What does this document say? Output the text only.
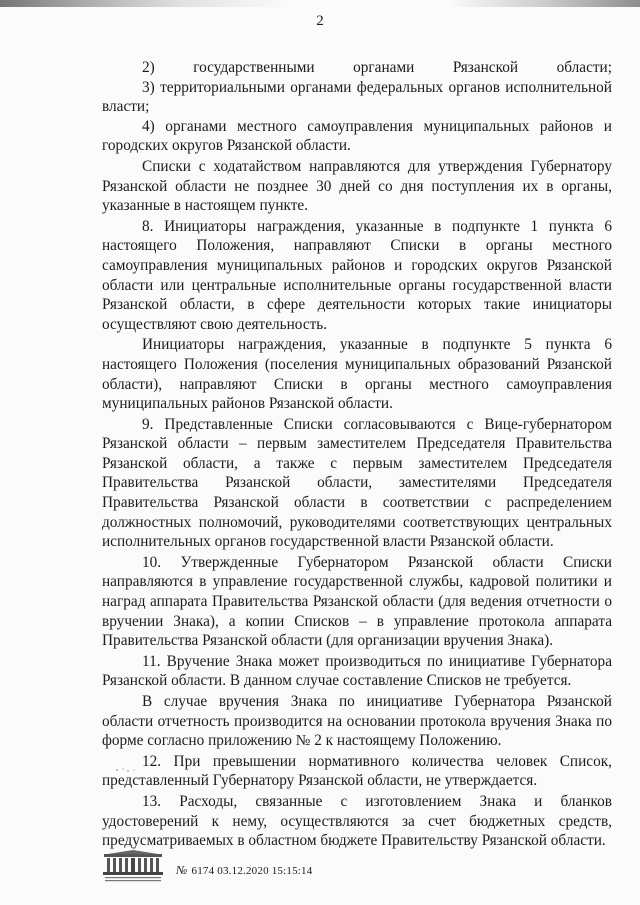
2

2) государственными органами Рязанской области;

3) территориальными органами федеральных органов исполнительной власти;

4) органами местного самоуправления муниципальных районов и городских округов Рязанской области.

Списки с ходатайством направляются для утверждения Губернатору Рязанской области не позднее 30 дней со дня поступления их в органы, указанные в настоящем пункте.

8. Инициаторы награждения, указанные в подпункте 1 пункта 6 настоящего Положения, направляют Списки в органы местного самоуправления муниципальных районов и городских округов Рязанской области или центральные исполнительные органы государственной власти Рязанской области, в сфере деятельности которых такие инициаторы осуществляют свою деятельность.

Инициаторы награждения, указанные в подпункте 5 пункта 6 настоящего Положения (поселения муниципальных образований Рязанской области), направляют Списки в органы местного самоуправления муниципальных районов Рязанской области.

9. Представленные Списки согласовываются с Вице-губернатором Рязанской области – первым заместителем Председателя Правительства Рязанской области, а также с первым заместителем Председателя Правительства Рязанской области, заместителями Председателя Правительства Рязанской области в соответствии с распределением должностных полномочий, руководителями соответствующих центральных исполнительных органов государственной власти Рязанской области.

10. Утвержденные Губернатором Рязанской области Списки направляются в управление государственной службы, кадровой политики и наград аппарата Правительства Рязанской области (для ведения отчетности о вручении Знака), а копии Списков – в управление протокола аппарата Правительства Рязанской области (для организации вручения Знака).

11. Вручение Знака может производиться по инициативе Губернатора Рязанской области. В данном случае составление Списков не требуется.

В случае вручения Знака по инициативе Губернатора Рязанской области отчетность производится на основании протокола вручения Знака по форме согласно приложению № 2 к настоящему Положению.

12. При превышении нормативного количества человек Список, представленный Губернатору Рязанской области, не утверждается.

13. Расходы, связанные с изготовлением Знака и бланков удостоверений к нему, осуществляются за счет бюджетных средств, предусматриваемых в областном бюджете Правительству Рязанской области.

№ 6174 03.12.2020 15:15:14
